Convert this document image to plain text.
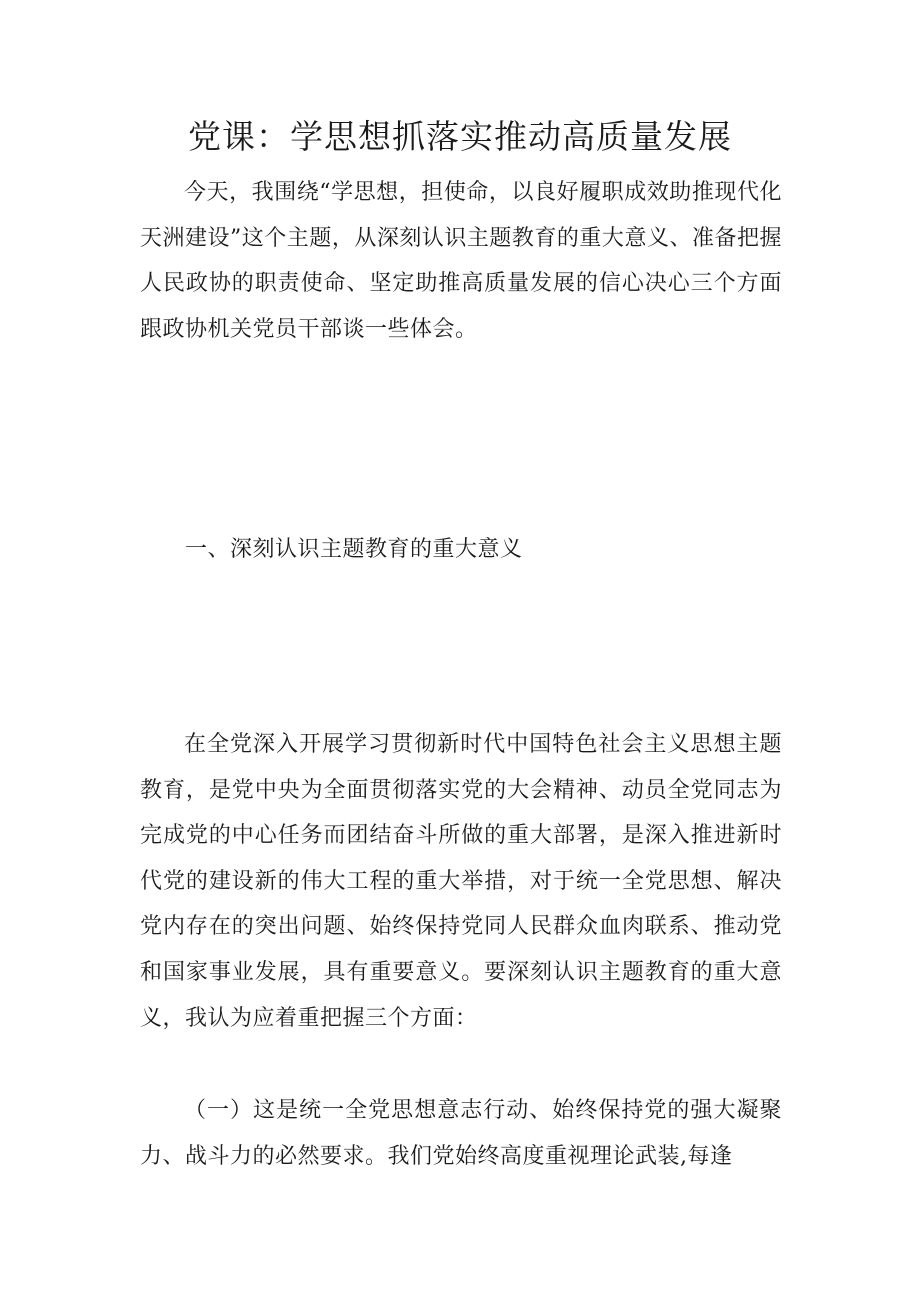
党课：学思想抓落实推动高质量发展

今天，我围绕“学思想，担使命，以良好履职成效助推现代化天洲建设”这个主题，从深刻认识主题教育的重大意义、准备把握人民政协的职责使命、坚定助推高质量发展的信心决心三个方面跟政协机关党员干部谈一些体会。

一、深刻认识主题教育的重大意义

在全党深入开展学习贯彻新时代中国特色社会主义思想主题教育，是党中央为全面贯彻落实党的大会精神、动员全党同志为完成党的中心任务而团结奋斗所做的重大部署，是深入推进新时代党的建设新的伟大工程的重大举措，对于统一全党思想、解决党内存在的突出问题、始终保持党同人民群众血肉联系、推动党和国家事业发展，具有重要意义。要深刻认识主题教育的重大意义，我认为应着重把握三个方面：

（一）这是统一全党思想意志行动、始终保持党的强大凝聚力、战斗力的必然要求。我们党始终高度重视理论武装,每逢
